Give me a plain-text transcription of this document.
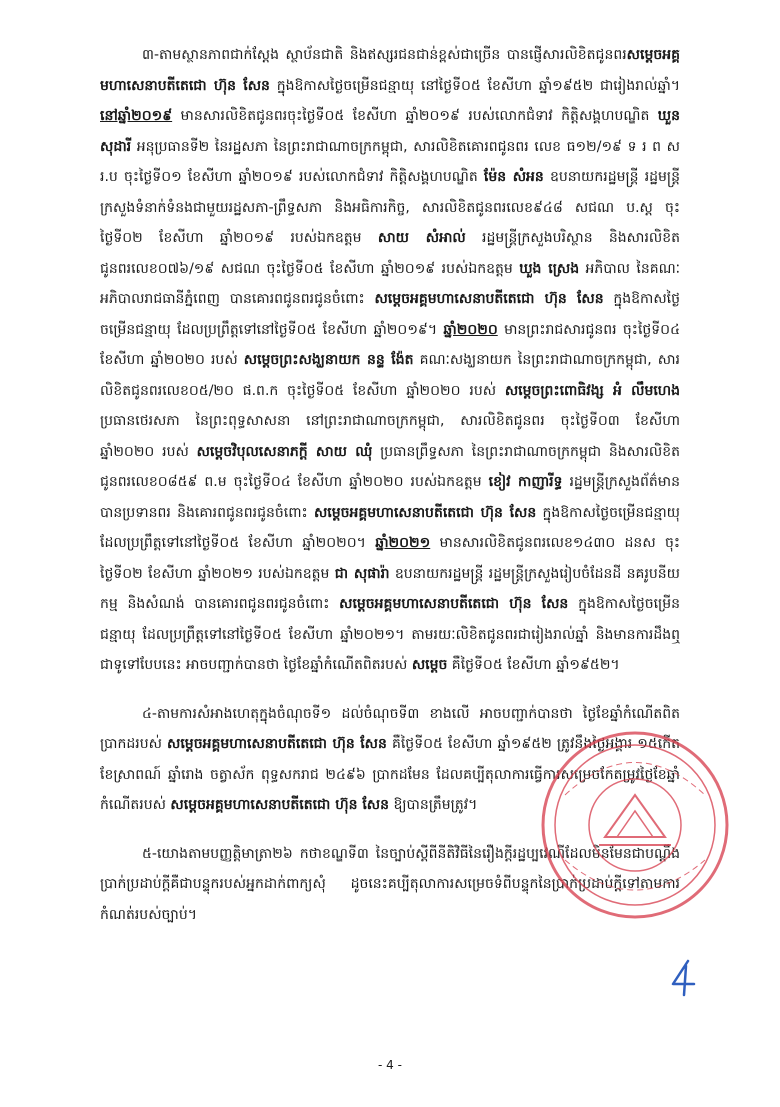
៣-តាមស្ថានភាពជាក់ស្តែង ស្ថាប័នជាតិ និងឥស្សរជនជាន់ខ្ពស់ជាច្រើន បានផ្ញើសារលិខិតជូនពរសម្តេចអគ្គមហាសេនាបតីតេជោ ហ៊ុន សែន ក្នុងឱកាសថ្ងៃចម្រើនជន្មាយុ នៅថ្ងៃទី០៥ ខែសីហា ឆ្នាំ១៩៥២ ជារៀងរាល់ឆ្នាំ។ នៅឆ្នាំ២០១៩ មានសារលិខិតជូនពរចុះថ្ងៃទី០៥ ខែសីហា ឆ្នាំ២០១៩ របស់លោកជំទាវ កិត្តិសង្គហបណ្ឌិត ឃួន សុដារី អនុប្រធានទី២ នៃរដ្ឋសភា នៃព្រះរាជាណាចក្រកម្ពុជា, សារលិខិតគោរពជូនពរ លេខ ធ១២/១៩ ទ រ ព ស រ.ប ចុះថ្ងៃទី០១ ខែសីហា ឆ្នាំ២០១៩ របស់លោកជំទាវ កិត្តិសង្គហបណ្ឌិត ម៉ែន សំអន ឧបនាយករដ្ឋមន្ត្រី រដ្ឋមន្ត្រីក្រសួងទំនាក់ទំនងជាមួយរដ្ឋសភា-ព្រឹទ្ធសភា និងអធិការកិច្ច, សារលិខិតជូនពរលេខ៩៤៨ សជណ ប.ស្ត ចុះថ្ងៃទី០២ ខែសីហា ឆ្នាំ២០១៩ របស់ឯកឧត្តម សាយ សំអាល់ រដ្ឋមន្ត្រីក្រសួងបរិស្ថាន និងសារលិខិតជូនពរលេខ០៧៦/១៩ សជណ ចុះថ្ងៃទី០៥ ខែសីហា ឆ្នាំ២០១៩ របស់ឯកឧត្តម ឃួង ស្រេង អភិបាល នៃគណៈអភិបាលរាជធានីភ្នំពេញ បានគោរពជូនពរជូនចំពោះ សម្តេចអគ្គមហាសេនាបតីតេជោ ហ៊ុន សែន ក្នុងឱកាសថ្ងៃចម្រើនជន្មាយុ ដែលប្រព្រឹត្តទៅនៅថ្ងៃទី០៥ ខែសីហា ឆ្នាំ២០១៩។ ឆ្នាំ២០២០ មានព្រះរាជសារជូនពរ ចុះថ្ងៃទី០៤ ខែសីហា ឆ្នាំ២០២០ របស់ សម្តេចព្រះសង្ឃនាយក នន្ទ ង៉ែត គណៈសង្ឃនាយក នៃព្រះរាជាណាចក្រកម្ពុជា, សារលិខិតជូនពរលេខ០៥/២០ ផ.ព.ក ចុះថ្ងៃទី០៥ ខែសីហា ឆ្នាំ២០២០ របស់ សម្តេចព្រះពោធិវង្ស អំ លឹមហេង ប្រធានថេរសភា នៃព្រះពុទ្ធសាសនា នៅព្រះរាជាណាចក្រកម្ពុជា, សារលិខិតជូនពរ ចុះថ្ងៃទី០៣ ខែសីហា ឆ្នាំ២០២០ របស់ សម្តេចវិបុលសេនាភក្តី សាយ ឈុំ ប្រធានព្រឹទ្ធសភា នៃព្រះរាជាណាចក្រកម្ពុជា និងសារលិខិតជូនពរលេខ០៨៥៩ ព.ម ចុះថ្ងៃទី០៤ ខែសីហា ឆ្នាំ២០២០ របស់ឯកឧត្តម ខៀវ កាញារីទ្ធ រដ្ឋមន្ត្រីក្រសួងព័ត៌មាន បានប្រទានពរ និងគោរពជូនពរជូនចំពោះ សម្តេចអគ្គមហាសេនាបតីតេជោ ហ៊ុន សែន ក្នុងឱកាសថ្ងៃចម្រើនជន្មាយុ ដែលប្រព្រឹត្តទៅនៅថ្ងៃទី០៥ ខែសីហា ឆ្នាំ២០២០។ ឆ្នាំ២០២១ មានសារលិខិតជូនពរលេខ១៤៣០ ដនស ចុះថ្ងៃទី០២ ខែសីហា ឆ្នាំ២០២១ របស់ឯកឧត្តម ជា សុផារ៉ា ឧបនាយករដ្ឋមន្ត្រី រដ្ឋមន្ត្រីក្រសួងរៀបចំដែនដី នគរូបនីយកម្ម និងសំណង់ បានគោរពជូនពរជូនចំពោះ សម្តេចអគ្គមហាសេនាបតីតេជោ ហ៊ុន សែន ក្នុងឱកាសថ្ងៃចម្រើនជន្មាយុ ដែលប្រព្រឹត្តទៅនៅថ្ងៃទី០៥ ខែសីហា ឆ្នាំ២០២១។ តាមរយៈលិខិតជូនពរជារៀងរាល់ឆ្នាំ និងមានការដឹងឮជាទូទៅបែបនេះ អាចបញ្ជាក់បានថា ថ្ងៃខែឆ្នាំកំណើតពិតរបស់ សម្តេច គឺថ្ងៃទី០៥ ខែសីហា ឆ្នាំ១៩៥២។

៤-តាមការសំអាងហេតុក្នុងចំណុចទី១ ដល់ចំណុចទី៣ ខាងលើ អាចបញ្ជាក់បានថា ថ្ងៃខែឆ្នាំកំណើតពិតប្រាកដរបស់ សម្តេចអគ្គមហាសេនាបតីតេជោ ហ៊ុន សែន គឺថ្ងៃទី០៥ ខែសីហា ឆ្នាំ១៩៥២ ត្រូវនឹងថ្ងៃអង្គារ ១៥កើត ខែស្រាពណ៍ ឆ្នាំរោង ចត្វាស័ក ពុទ្ធសករាជ ២៤៩៦ ប្រាកដមែន ដែលគប្បីតុលាការធ្វើការសម្រេចកែតម្រូវថ្ងៃខែឆ្នាំកំណើតរបស់ សម្តេចអគ្គមហាសេនាបតីតេជោ ហ៊ុន សែន ឱ្យបានត្រឹមត្រូវ។

៥-យោងតាមបញ្ញត្តិមាត្រា២៦ កថាខណ្ឌទី៣ នៃច្បាប់ស្តីពីនីតិវិធីនៃរឿងក្តីរដ្ឋប្បវេណីដែលមិនមែនជាបណ្តឹង ប្រាក់ប្រដាប់ក្តីគឺជាបន្ទុករបស់អ្នកដាក់ពាក្យសុំ ដូចនេះគប្បីតុលាការសម្រេចទំពីបន្ទុកនៃប្រាក់ប្រដាប់ក្តីទៅតាមការកំណត់របស់ច្បាប់។

- 4 -
